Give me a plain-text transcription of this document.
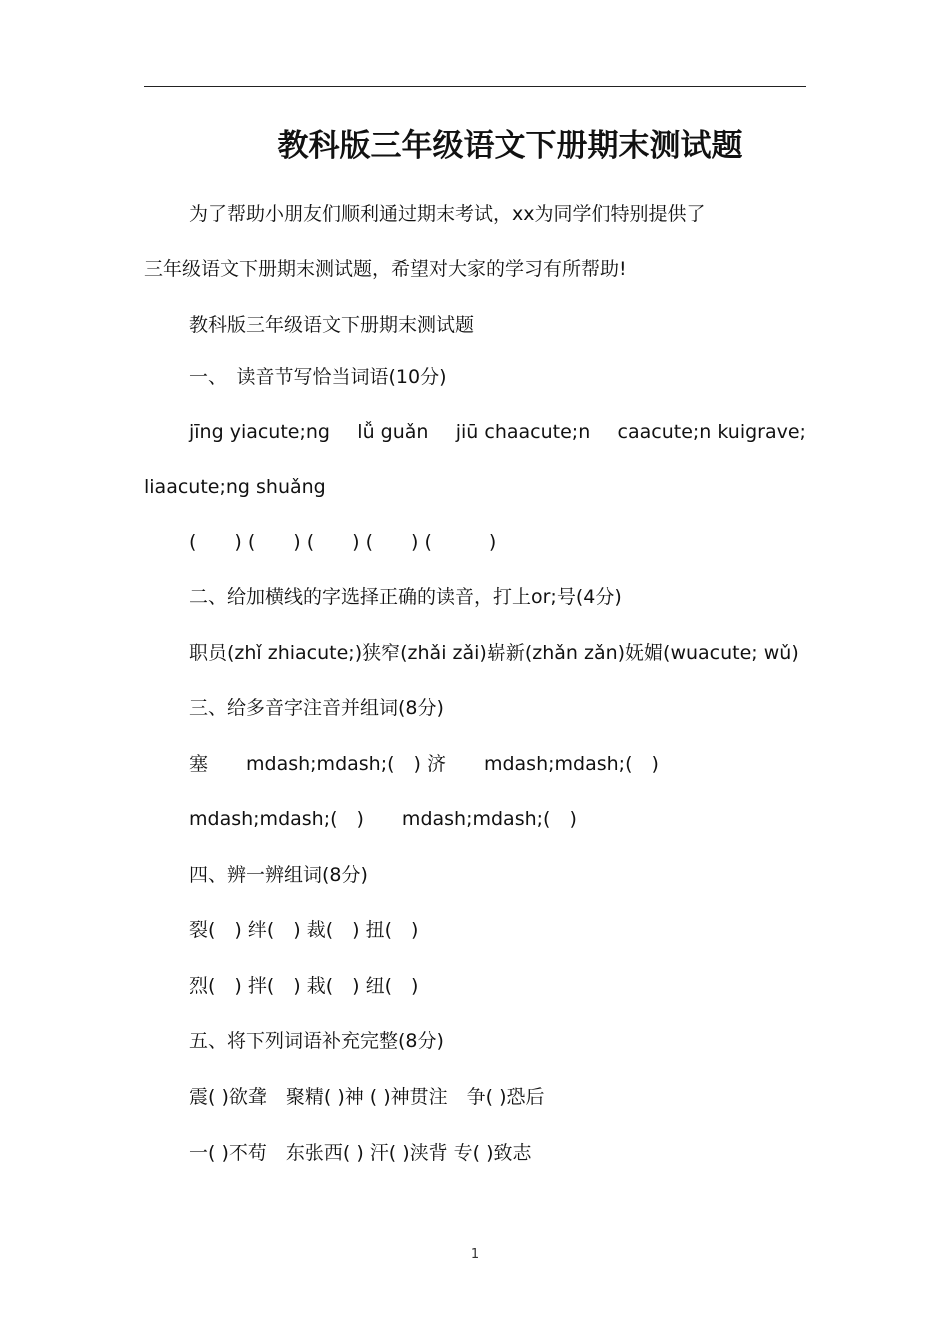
教科版三年级语文下册期末测试题

为了帮助小朋友们顺利通过期末考试，xx为同学们特别提供了

三年级语文下册期末测试题，希望对大家的学习有所帮助!

教科版三年级语文下册期末测试题

一、　读音节写恰当词语(10分)

jīng yiacute;ng lǚ guǎn jiū chaacute;n caacute;n kuigrave;

liaacute;ng shuǎng

(　　) (　　) (　　) (　　) (　　　)

二、给加横线的字选择正确的读音，打上or;号(4分)

职员(zhǐ zhiacute;)狭窄(zhǎi zǎi)崭新(zhǎn zǎn)妩媚(wuacute; wǔ)

三、给多音字注音并组词(8分)

塞　　mdash;mdash;(　) 济　　mdash;mdash;(　)

mdash;mdash;(　)　　mdash;mdash;(　)

四、辨一辨组词(8分)

裂(　) 绊(　) 裁(　) 扭(　)

烈(　) 拌(　) 栽(　) 纽(　)

五、将下列词语补充完整(8分)

震( )欲聋　聚精( )神 ( )神贯注　争( )恐后

一( )不苟　东张西( ) 汗( )浃背 专( )致志

1
